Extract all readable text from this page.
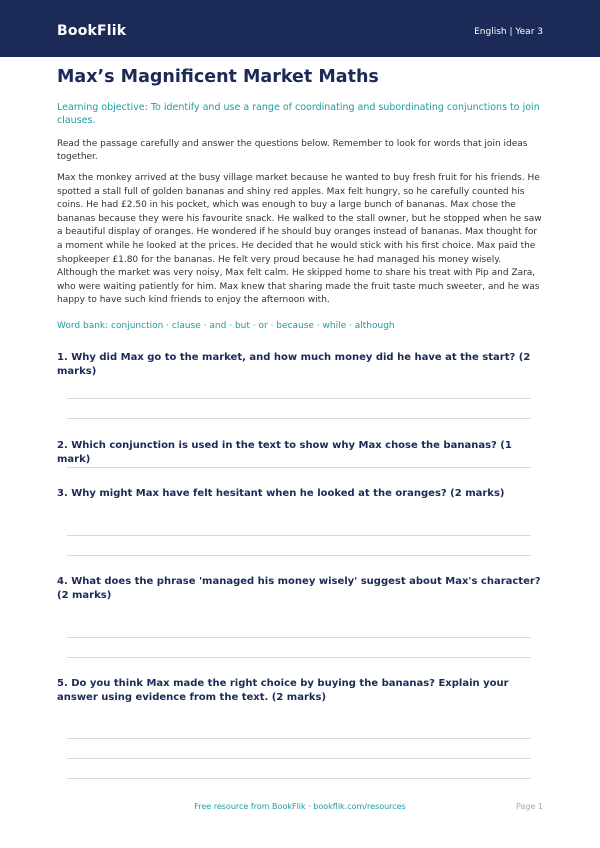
BookFlik	English | Year 3
Max’s Magnificent Market Maths

Learning objective: To identify and use a range of coordinating and subordinating conjunctions to join clauses.

Read the passage carefully and answer the questions below. Remember to look for words that join ideas together.

Max the monkey arrived at the busy village market because he wanted to buy fresh fruit for his friends. He spotted a stall full of golden bananas and shiny red apples. Max felt hungry, so he carefully counted his coins. He had £2.50 in his pocket, which was enough to buy a large bunch of bananas. Max chose the bananas because they were his favourite snack. He walked to the stall owner, but he stopped when he saw a beautiful display of oranges. He wondered if he should buy oranges instead of bananas. Max thought for a moment while he looked at the prices. He decided that he would stick with his first choice. Max paid the shopkeeper £1.80 for the bananas. He felt very proud because he had managed his money wisely. Although the market was very noisy, Max felt calm. He skipped home to share his treat with Pip and Zara, who were waiting patiently for him. Max knew that sharing made the fruit taste much sweeter, and he was happy to have such kind friends to enjoy the afternoon with.

Word bank: conjunction · clause · and · but · or · because · while · although

1. Why did Max go to the market, and how much money did he have at the start? (2 marks)
2. Which conjunction is used in the text to show why Max chose the bananas? (1 mark)
3. Why might Max have felt hesitant when he looked at the oranges? (2 marks)
4. What does the phrase 'managed his money wisely' suggest about Max's character? (2 marks)
5. Do you think Max made the right choice by buying the bananas? Explain your answer using evidence from the text. (2 marks)
Free resource from BookFlik · bookflik.com/resources	Page 1
